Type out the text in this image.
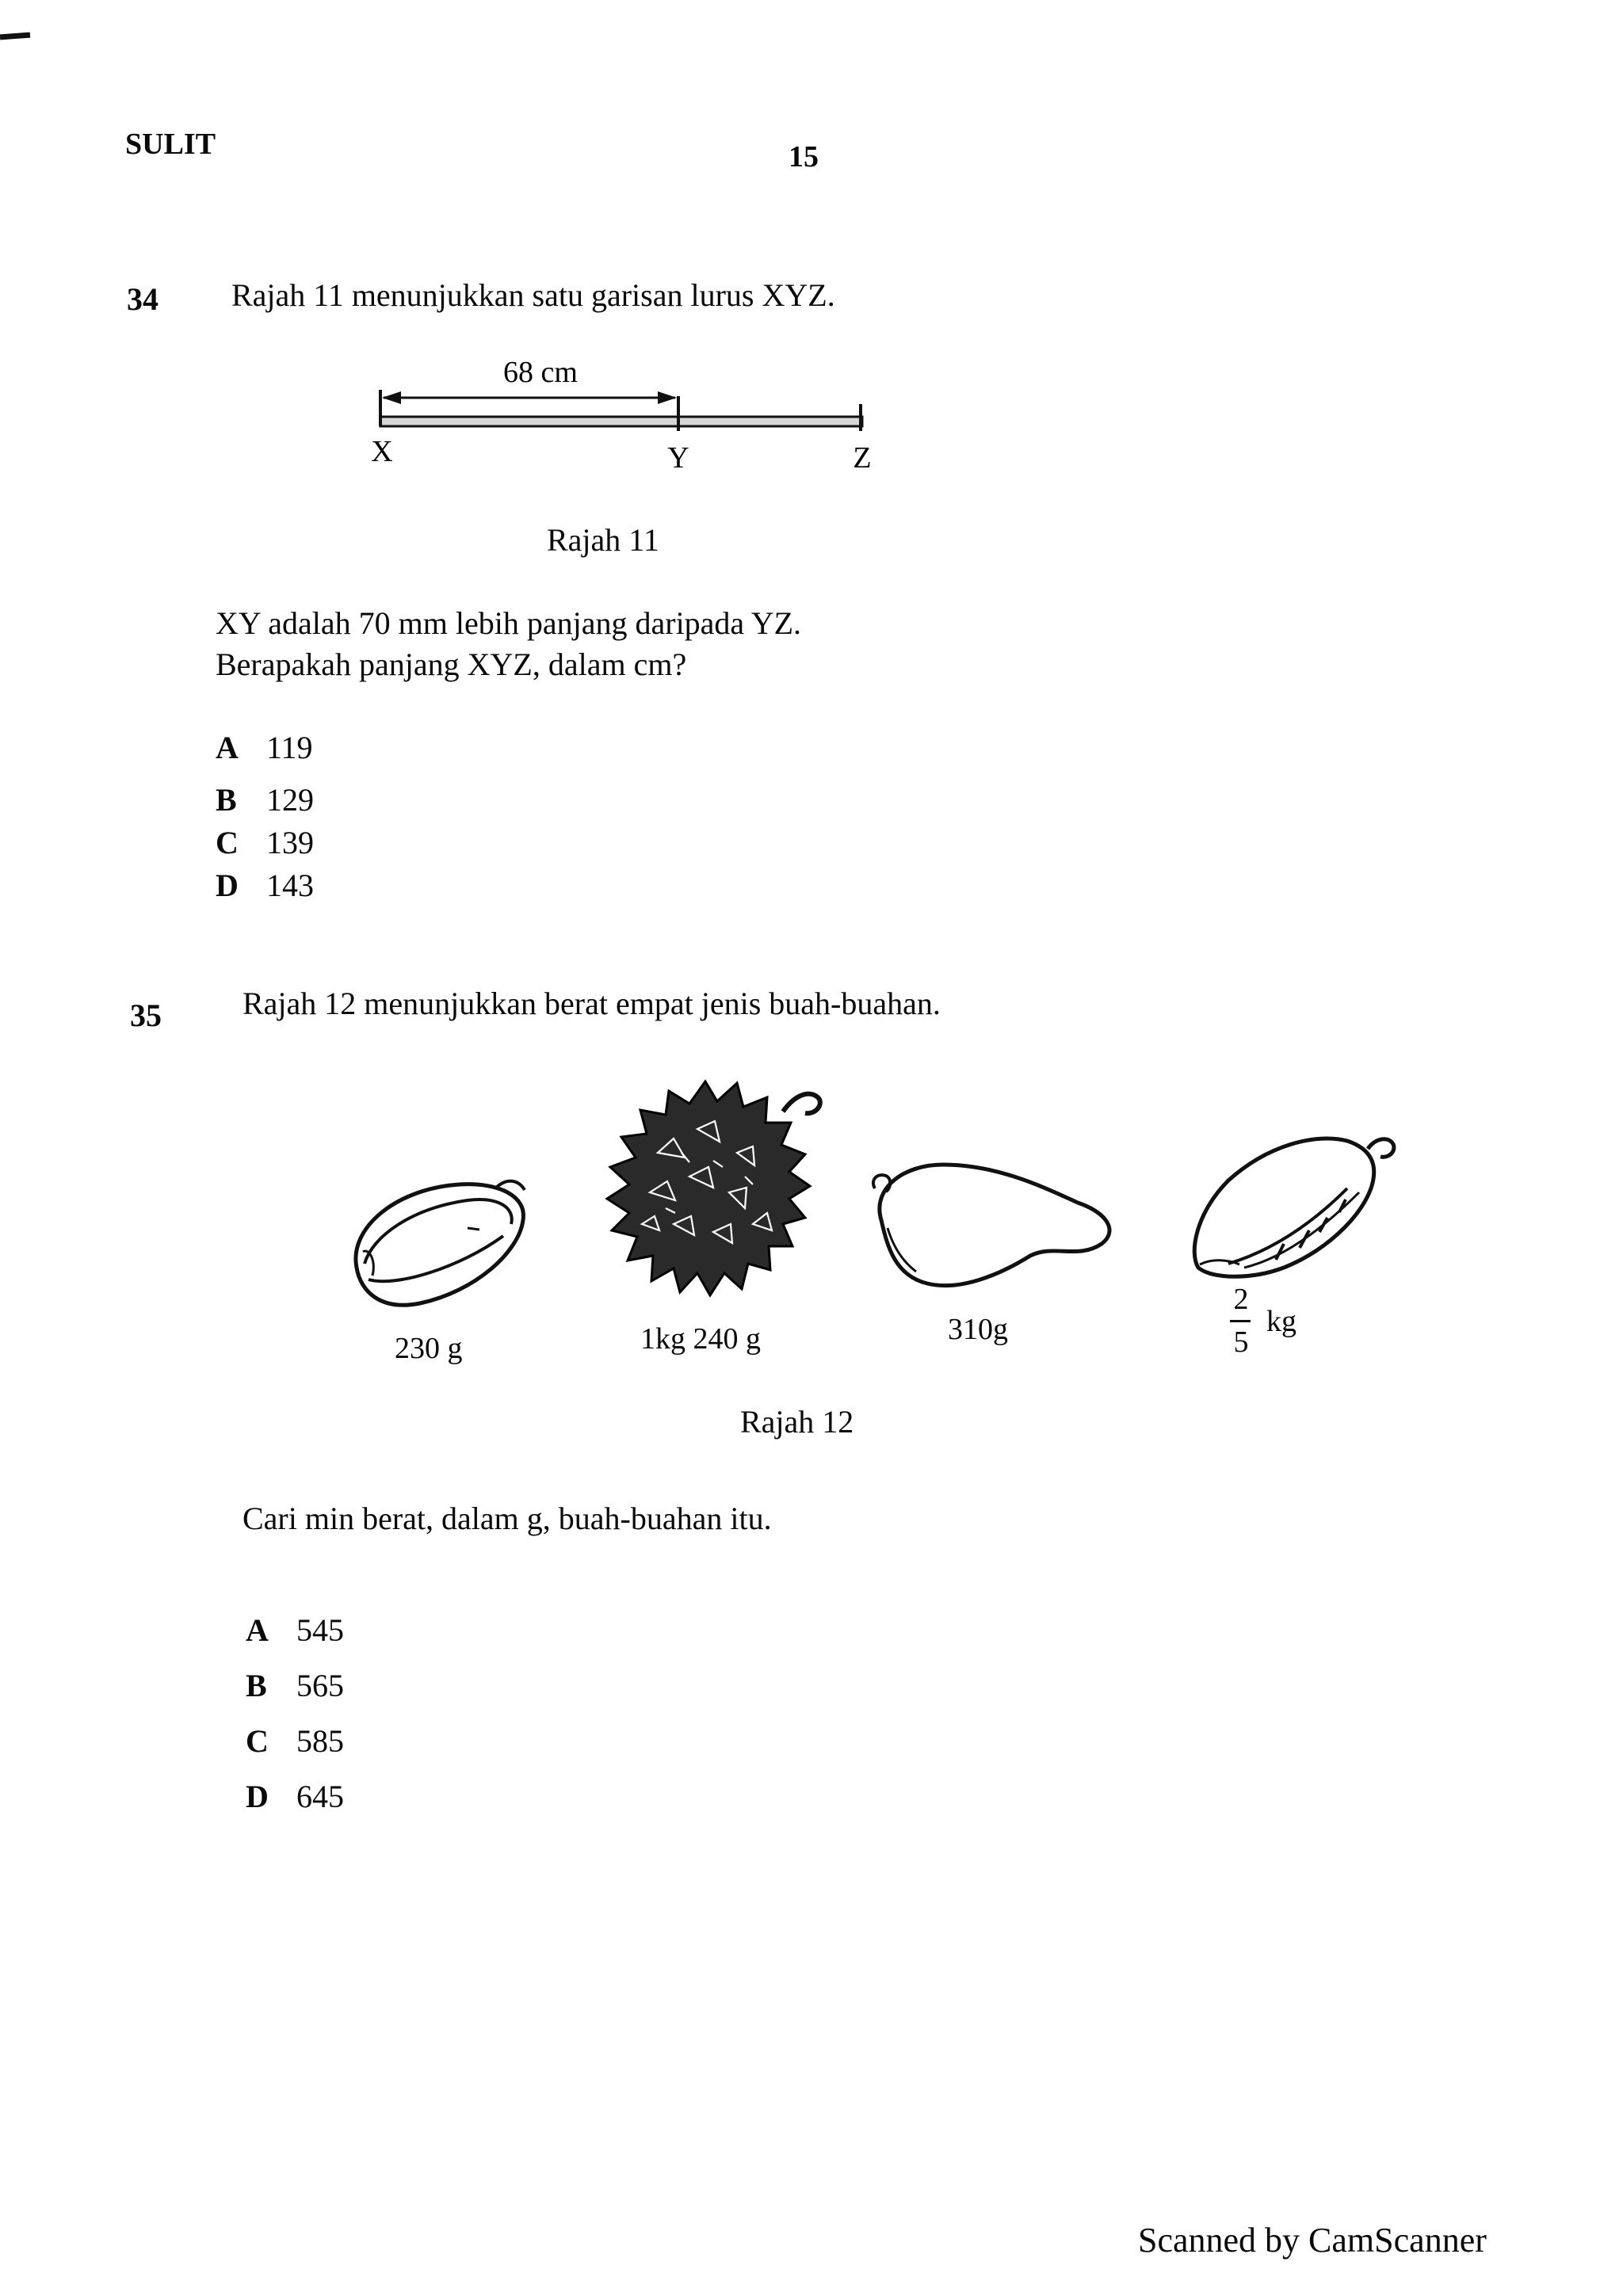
SULIT	15
34 Rajah 11 menunjukkan satu garisan lurus XYZ.
68 cm
X	Y	Z
Rajah 11
XY adalah 70 mm lebih panjang daripada YZ.
Berapakah panjang XYZ, dalam cm?
A 119
B 129
C 139
D 143
35	Rajah 12 menunjukkan berat empat jenis buah-buahan.
230 g	1kg 240 g	310g
2
5
kg
Rajah 12
Cari min berat, dalam g, buah-buahan itu.
A 545
B 565
C 585
D 645
Scanned by CamScanner
